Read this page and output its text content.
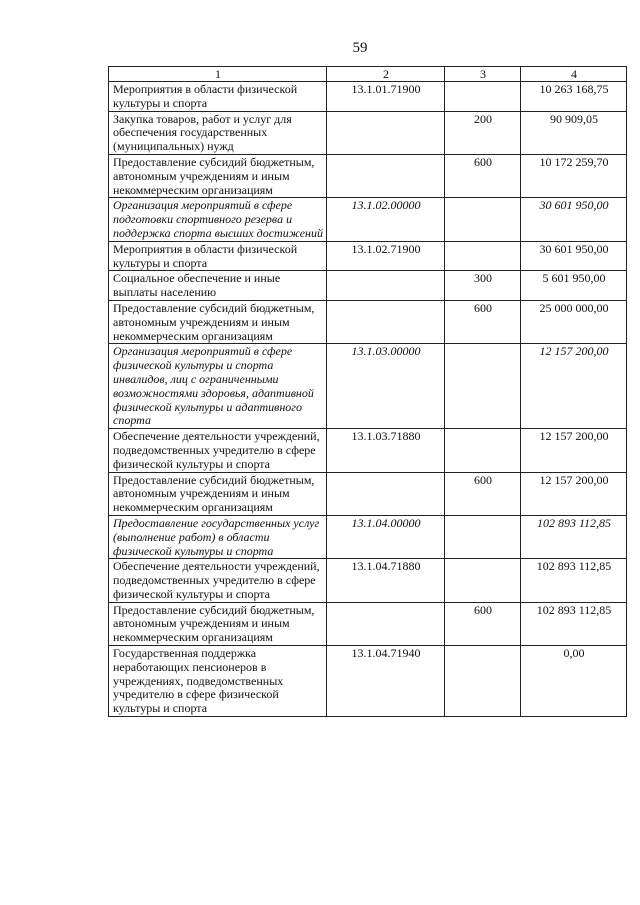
59
1	2	3	4
Мероприятия в области физической культуры и спорта	13.1.01.71900		10 263 168,75
Закупка товаров, работ и услуг для обеспечения государственных (муниципальных) нужд		200	90 909,05
Предоставление субсидий бюджетным, автономным учреждениям и иным некоммерческим организациям		600	10 172 259,70
Организация мероприятий в сфере подготовки спортивного резерва и поддержка спорта высших достижений	13.1.02.00000		30 601 950,00
Мероприятия в области физической культуры и спорта	13.1.02.71900		30 601 950,00
Социальное обеспечение и иные выплаты населению		300	5 601 950,00
Предоставление субсидий бюджетным, автономным учреждениям и иным некоммерческим организациям		600	25 000 000,00
Организация мероприятий в сфере физической культуры и спорта инвалидов, лиц с ограниченными возможностями здоровья, адаптивной физической культуры и адаптивного спорта	13.1.03.00000		12 157 200,00
Обеспечение деятельности учреждений, подведомственных учредителю в сфере физической культуры и спорта	13.1.03.71880		12 157 200,00
Предоставление субсидий бюджетным, автономным учреждениям и иным некоммерческим организациям		600	12 157 200,00
Предоставление государственных услуг (выполнение работ) в области физической культуры и спорта	13.1.04.00000		102 893 112,85
Обеспечение деятельности учреждений, подведомственных учредителю в сфере физической культуры и спорта	13.1.04.71880		102 893 112,85
Предоставление субсидий бюджетным, автономным учреждениям и иным некоммерческим организациям		600	102 893 112,85
Государственная поддержка неработающих пенсионеров в учреждениях, подведомственных учредителю в сфере физической культуры и спорта	13.1.04.71940		0,00
